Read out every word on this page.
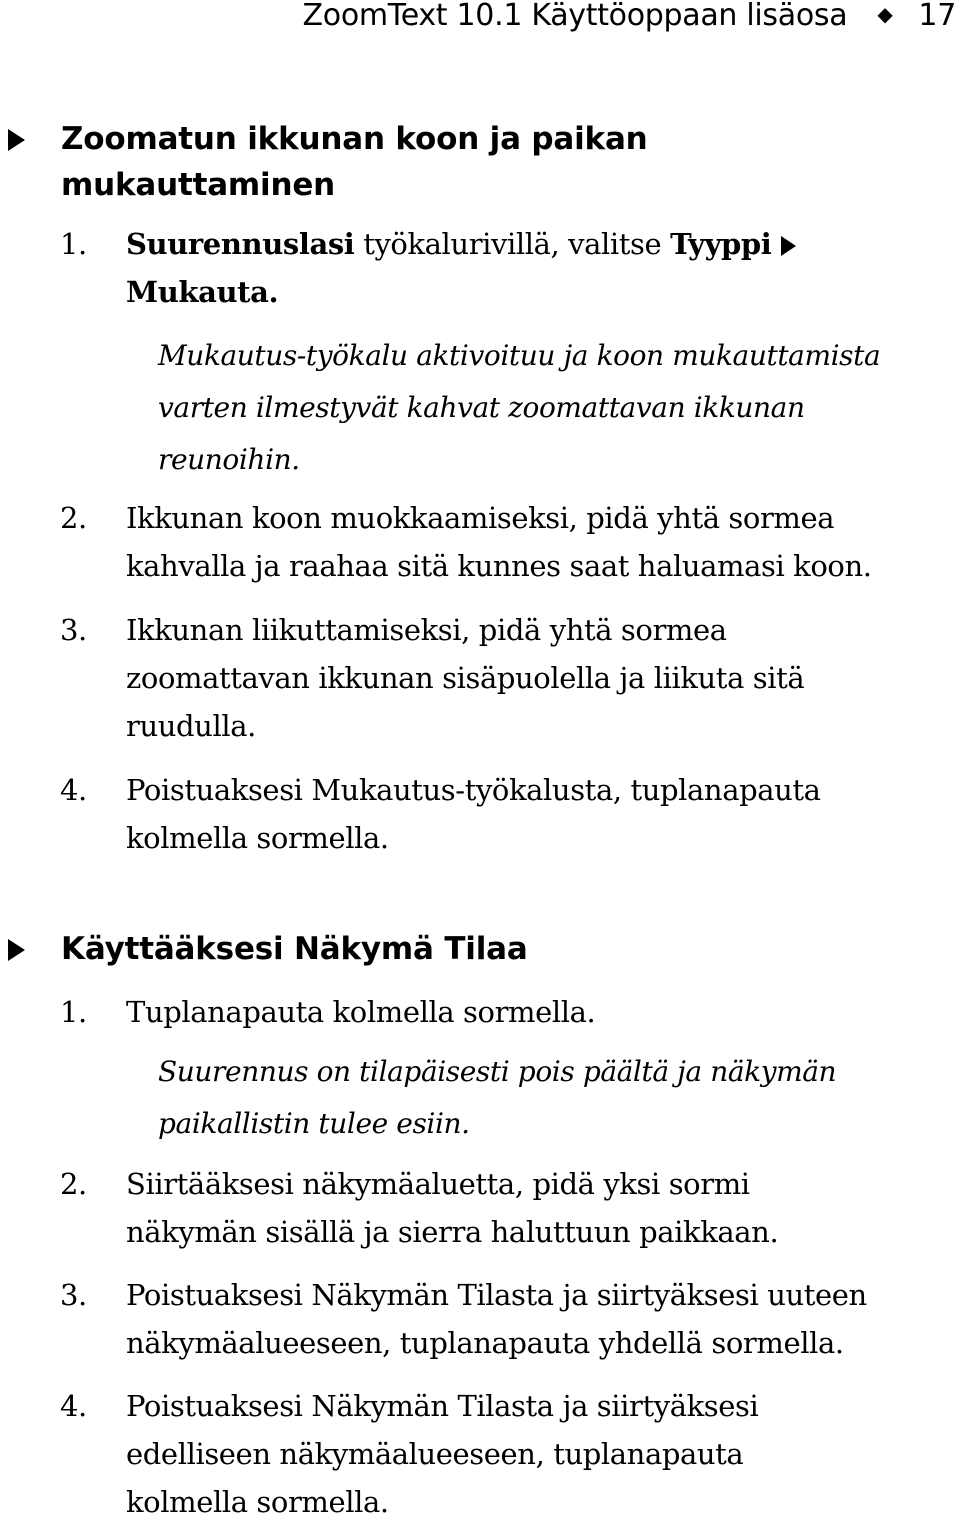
ZoomText 10.1 Käyttöoppaan lisäosa ◆ 17
Zoomatun ikkunan koon ja paikan
mukauttaminen
1. Suurennuslasi työkalurivillä, valitse Tyyppi
Mukauta.
Mukautus-työkalu aktivoituu ja koon mukauttamista
varten ilmestyvät kahvat zoomattavan ikkunan
reunoihin.
2. Ikkunan koon muokkaamiseksi, pidä yhtä sormea
kahvalla ja raahaa sitä kunnes saat haluamasi koon.
3. Ikkunan liikuttamiseksi, pidä yhtä sormea
zoomattavan ikkunan sisäpuolella ja liikuta sitä
ruudulla.
4. Poistuaksesi Mukautus-työkalusta, tuplanapauta
kolmella sormella.
Käyttääksesi Näkymä Tilaa
1. Tuplanapauta kolmella sormella.
Suurennus on tilapäisesti pois päältä ja näkymän
paikallistin tulee esiin.
2. Siirtääksesi näkymäaluetta, pidä yksi sormi
näkymän sisällä ja sierra haluttuun paikkaan.
3. Poistuaksesi Näkymän Tilasta ja siirtyäksesi uuteen
näkymäalueeseen, tuplanapauta yhdellä sormella.
4. Poistuaksesi Näkymän Tilasta ja siirtyäksesi
edelliseen näkymäalueeseen, tuplanapauta
kolmella sormella.
